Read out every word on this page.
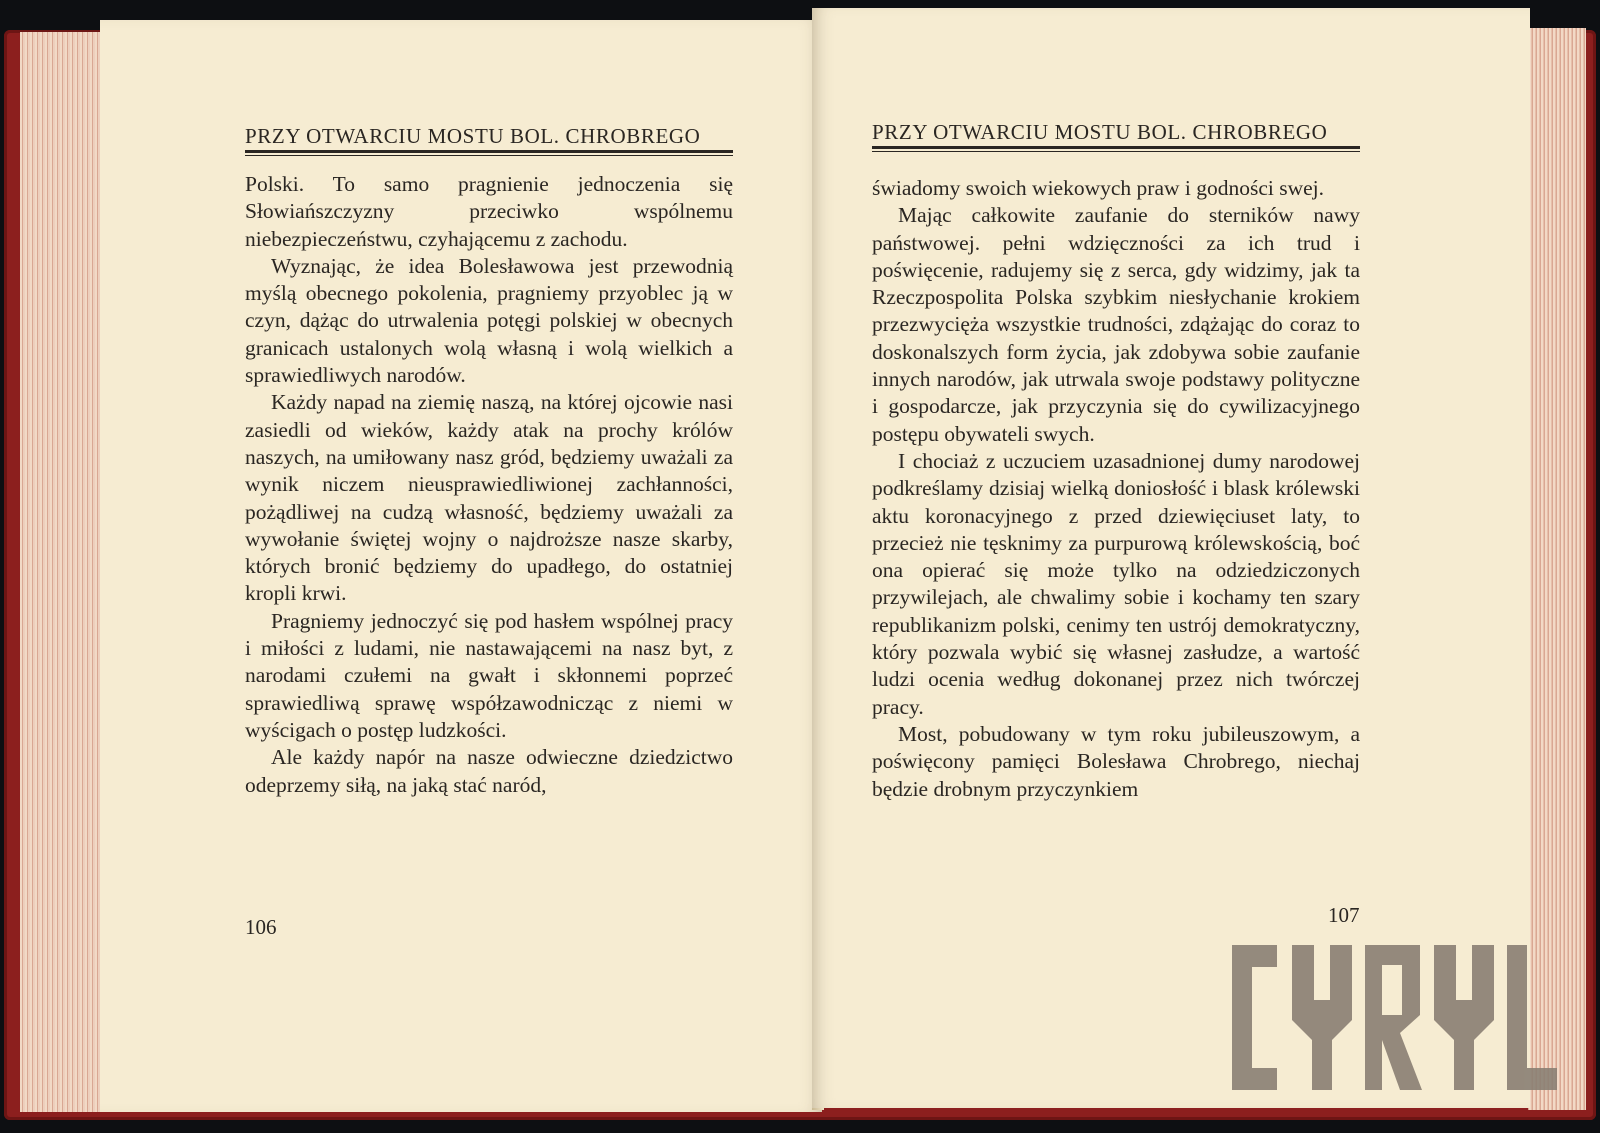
PRZY OTWARCIU MOSTU BOL. CHROBREGO

Polski. To samo pragnienie jednoczenia się Słowiańszczyzny przeciwko wspólnemu niebezpieczeństwu, czyhającemu z zachodu.

Wyznając, że idea Bolesławowa jest przewodnią myślą obecnego pokolenia, pragniemy przyoblec ją w czyn, dążąc do utrwalenia potęgi polskiej w obecnych granicach ustalonych wolą własną i wolą wielkich a sprawiedliwych narodów.

Każdy napad na ziemię naszą, na której ojcowie nasi zasiedli od wieków, każdy atak na prochy królów naszych, na umiłowany nasz gród, będziemy uważali za wynik niczem nieusprawiedliwionej zachłanności, pożądliwej na cudzą własność, będziemy uważali za wywołanie świętej wojny o najdroższe nasze skarby, których bronić będziemy do upadłego, do ostatniej kropli krwi.

Pragniemy jednoczyć się pod hasłem wspólnej pracy i miłości z ludami, nie nastawającemi na nasz byt, z narodami czułemi na gwałt i skłonnemi poprzeć sprawiedliwą sprawę współzawodnicząc z niemi w wyścigach o postęp ludzkości.

Ale każdy napór na nasze odwieczne dziedzictwo odeprzemy siłą, na jaką stać naród,

106
PRZY OTWARCIU MOSTU BOL. CHROBREGO

świadomy swoich wiekowych praw i godności swej.

Mając całkowite zaufanie do sterników nawy państwowej. pełni wdzięczności za ich trud i poświęcenie, radujemy się z serca, gdy widzimy, jak ta Rzeczpospolita Polska szybkim niesłychanie krokiem przezwycięża wszystkie trudności, zdążając do coraz to doskonalszych form życia, jak zdobywa sobie zaufanie innych narodów, jak utrwala swoje podstawy polityczne i gospodarcze, jak przyczynia się do cywilizacyjnego postępu obywateli swych.

I chociaż z uczuciem uzasadnionej dumy narodowej podkreślamy dzisiaj wielką doniosłość i blask królewski aktu koronacyjnego z przed dziewięciuset laty, to przecież nie tęsknimy za purpurową królewskością, boć ona opierać się może tylko na odziedziczonych przywilejach, ale chwalimy sobie i kochamy ten szary republikanizm polski, cenimy ten ustrój demokratyczny, który pozwala wybić się własnej zasłudze, a wartość ludzi ocenia według dokonanej przez nich twórczej pracy.

Most, pobudowany w tym roku jubileuszowym, a poświęcony pamięci Bolesława Chrobrego, niechaj będzie drobnym przyczynkiem

107
